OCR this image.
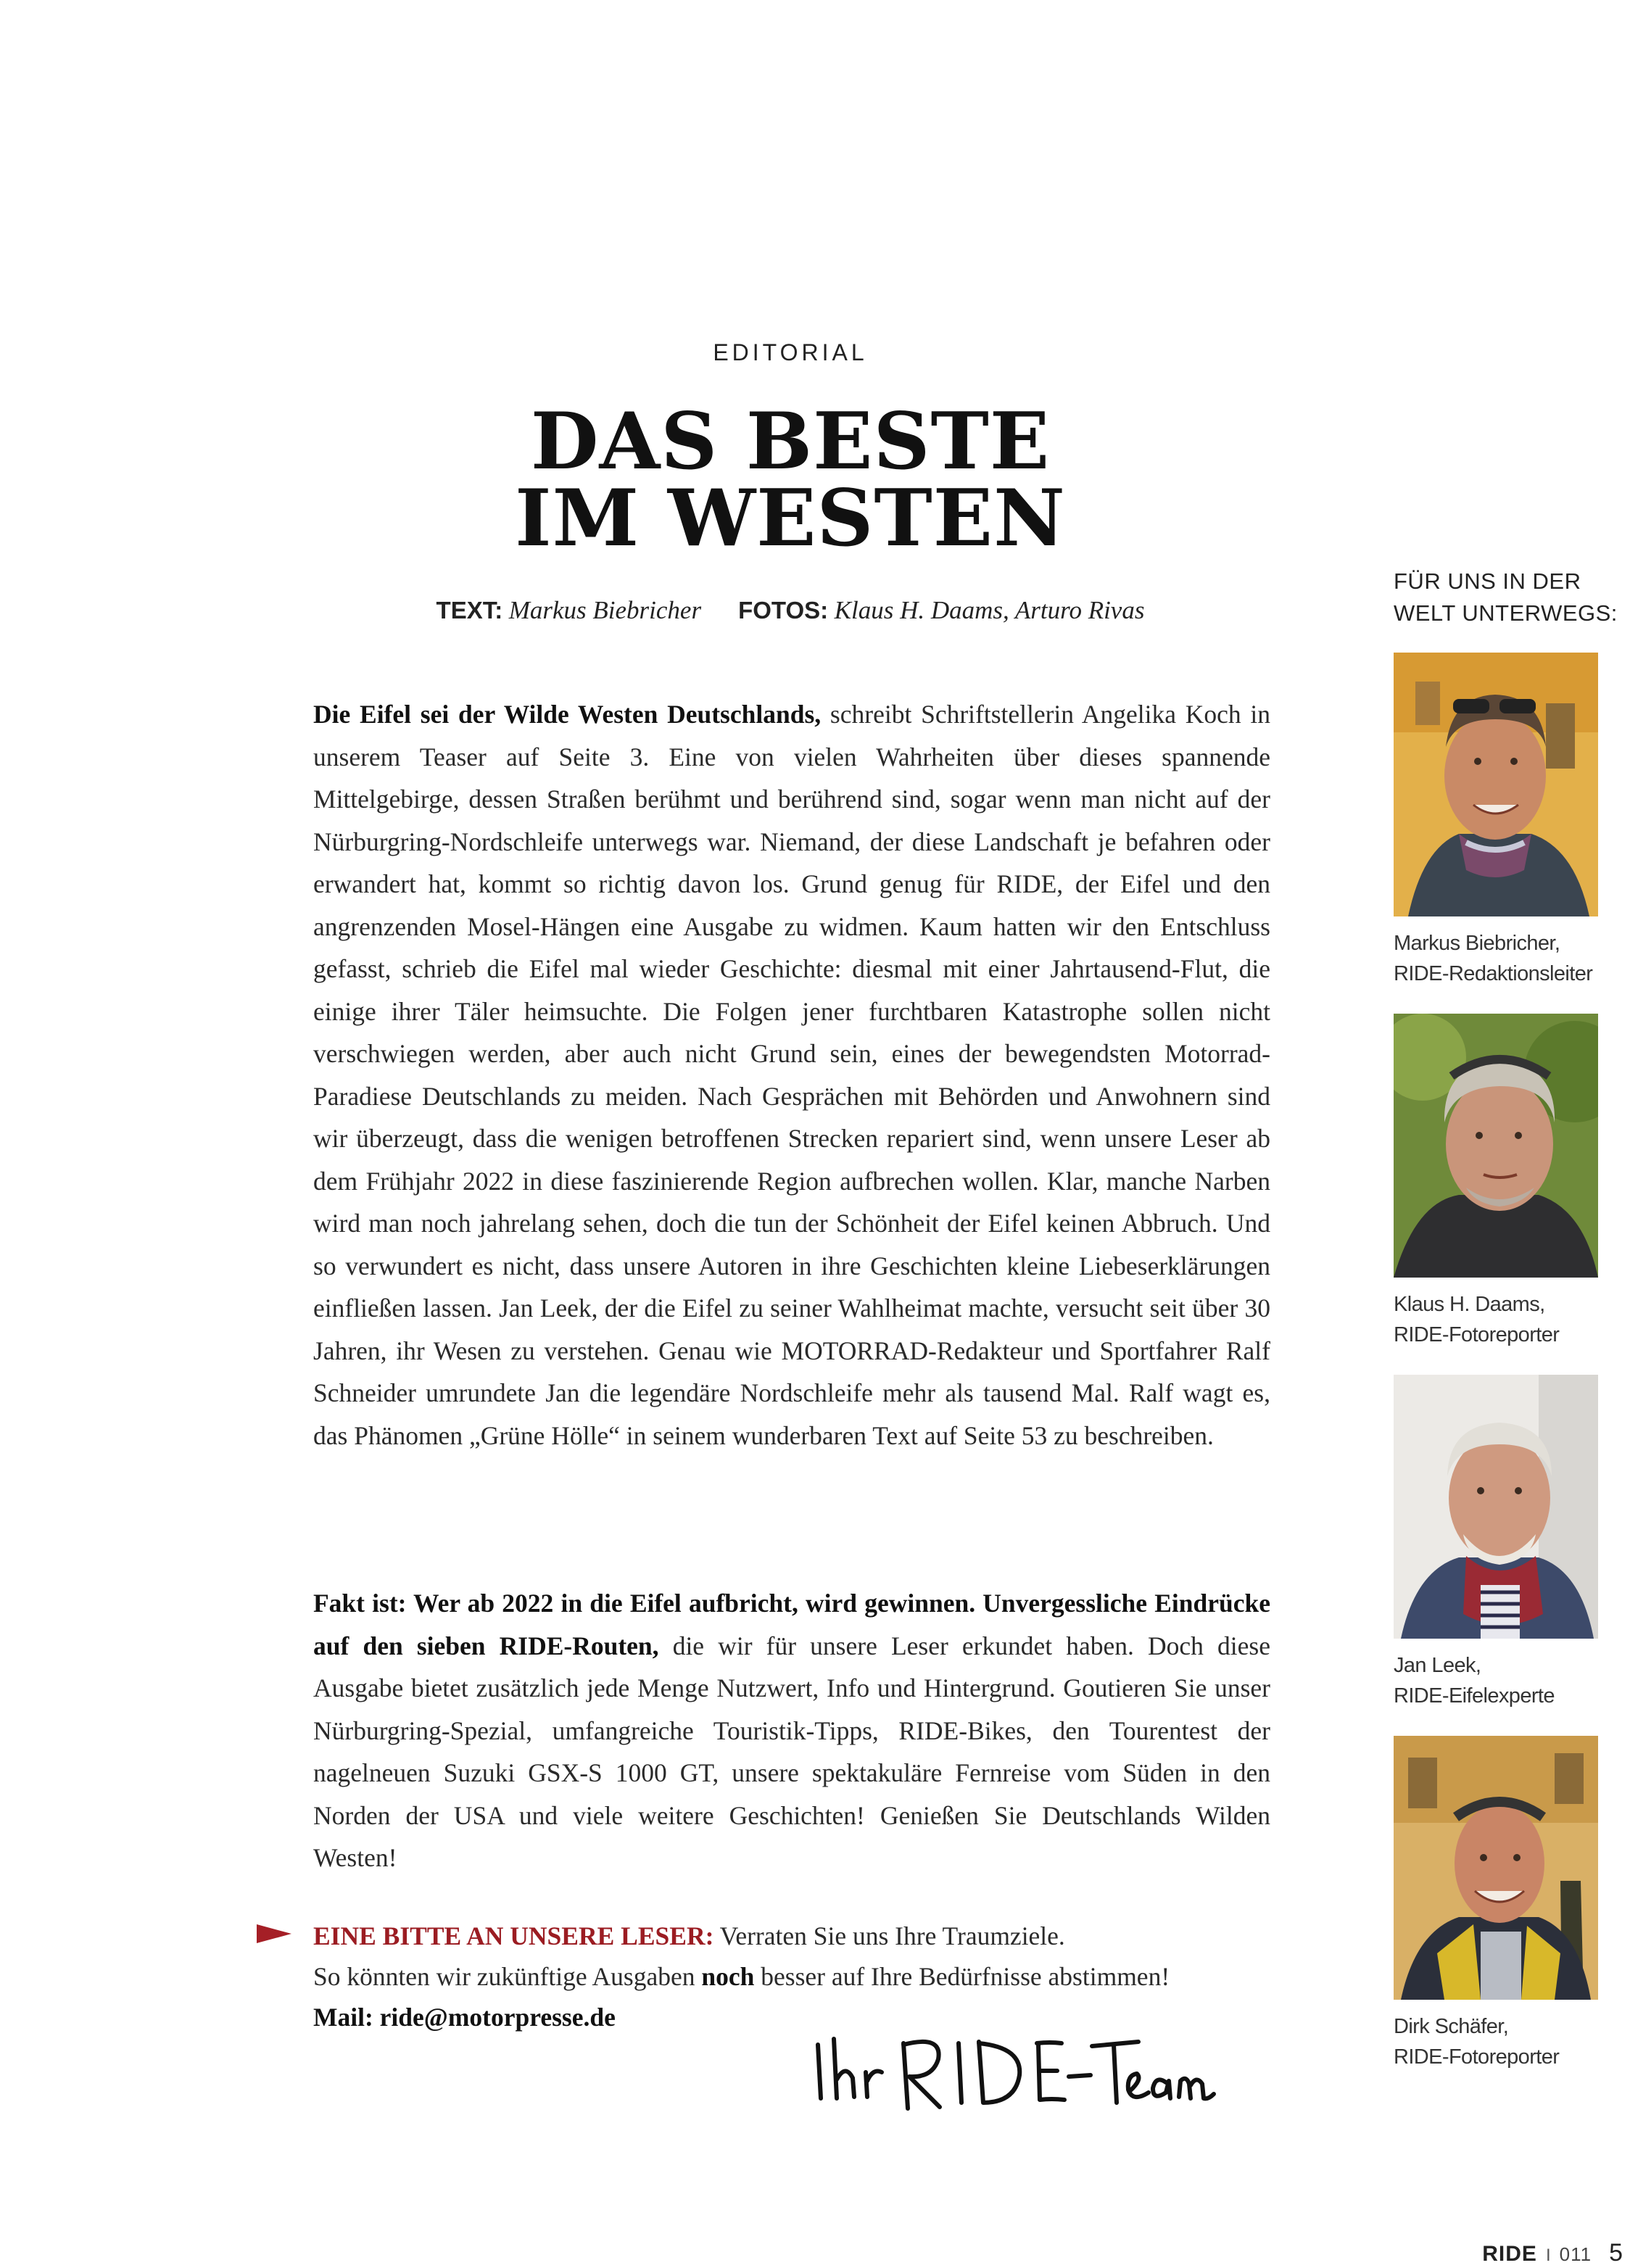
EDITORIAL
DAS BESTE
IM WESTEN
TEXT: Markus Biebricher FOTOS: Klaus H. Daams, Arturo Rivas
Die Eifel sei der Wilde Westen Deutschlands, schreibt Schriftstellerin Angelika Koch in unserem Teaser auf Seite 3. Eine von vielen Wahrheiten über dieses spannende Mittelgebirge, dessen Straßen berühmt und berührend sind, sogar wenn man nicht auf der Nürburgring-Nordschleife unterwegs war. Niemand, der diese Landschaft je befahren oder erwandert hat, kommt so richtig davon los. Grund genug für RIDE, der Eifel und den angrenzenden Mosel-Hängen eine Ausgabe zu widmen. Kaum hatten wir den Entschluss gefasst, schrieb die Eifel mal wieder Geschichte: diesmal mit einer Jahrtausend-Flut, die einige ihrer Täler heimsuchte. Die Folgen jener furchtbaren Katastrophe sollen nicht verschwiegen werden, aber auch nicht Grund sein, eines der bewegendsten Motorrad-Paradiese Deutschlands zu meiden. Nach Gesprächen mit Behörden und Anwohnern sind wir überzeugt, dass die wenigen betroffenen Strecken repariert sind, wenn unsere Leser ab dem Frühjahr 2022 in diese faszinierende Region aufbrechen wollen. Klar, manche Narben wird man noch jahrelang sehen, doch die tun der Schönheit der Eifel keinen Abbruch. Und so verwundert es nicht, dass unsere Autoren in ihre Geschichten kleine Liebeserklärungen einfließen lassen. Jan Leek, der die Eifel zu seiner Wahlheimat machte, versucht seit über 30 Jahren, ihr Wesen zu verstehen. Genau wie MOTORRAD-Redakteur und Sportfahrer Ralf Schneider umrundete Jan die legendäre Nordschleife mehr als tausend Mal. Ralf wagt es, das Phänomen „Grüne Hölle“ in seinem wunderbaren Text auf Seite 53 zu beschreiben.
Fakt ist: Wer ab 2022 in die Eifel aufbricht, wird gewinnen. Unvergessliche Eindrücke auf den sieben RIDE-Routen, die wir für unsere Leser erkundet haben. Doch diese Ausgabe bietet zusätzlich jede Menge Nutzwert, Info und Hintergrund. Goutieren Sie unser Nürburgring-Spezial, umfangreiche Touristik-Tipps, RIDE-Bikes, den Tourentest der nagelneuen Suzuki GSX-S 1000 GT, unsere spektakuläre Fernreise vom Süden in den Norden der USA und viele weitere Geschichten! Genießen Sie Deutschlands Wilden Westen!
EINE BITTE AN UNSERE LESER: Verraten Sie uns Ihre Traumziele.
So könnten wir zukünftige Ausgaben noch besser auf Ihre Bedürfnisse abstimmen!
Mail: ride@motorpresse.de
FÜR UNS IN DER
WELT UNTERWEGS:
Markus Biebricher,
RIDE-Redaktionsleiter
Klaus H. Daams,
RIDE-Fotoreporter
Jan Leek,
RIDE-Eifelexperte
Dirk Schäfer,
RIDE-Fotoreporter
RIDE I 011 5
